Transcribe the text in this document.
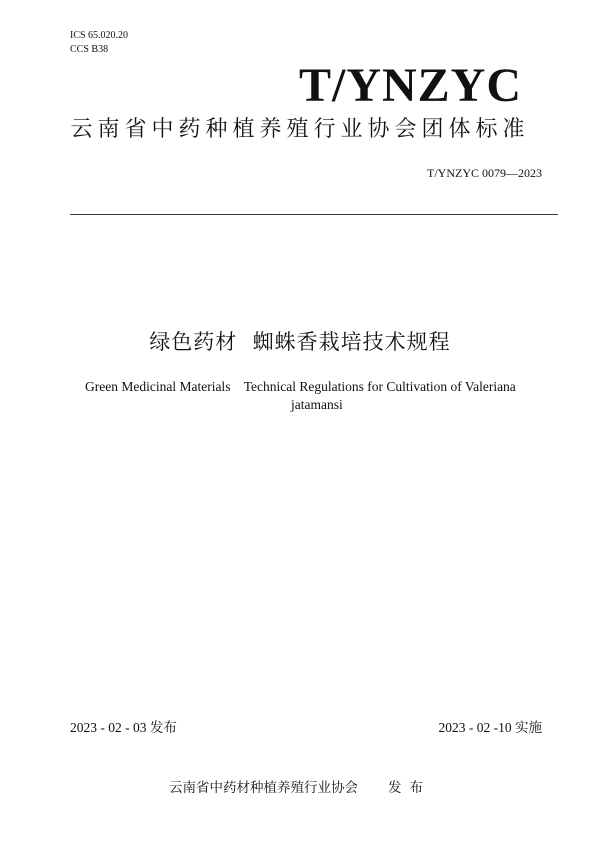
ICS 65.020.20
CCS B38
T/YNZYC
云南省中药种植养殖行业协会团体标准
T/YNZYC 0079—2023
绿色药材  蜘蛛香栽培技术规程
Green Medicinal Materials    Technical Regulations for Cultivation of Valeriana
jatamansi
2023 - 02 - 03 发布	2023 - 02 -10 实施
云南省中药材种植养殖行业协会 发布
